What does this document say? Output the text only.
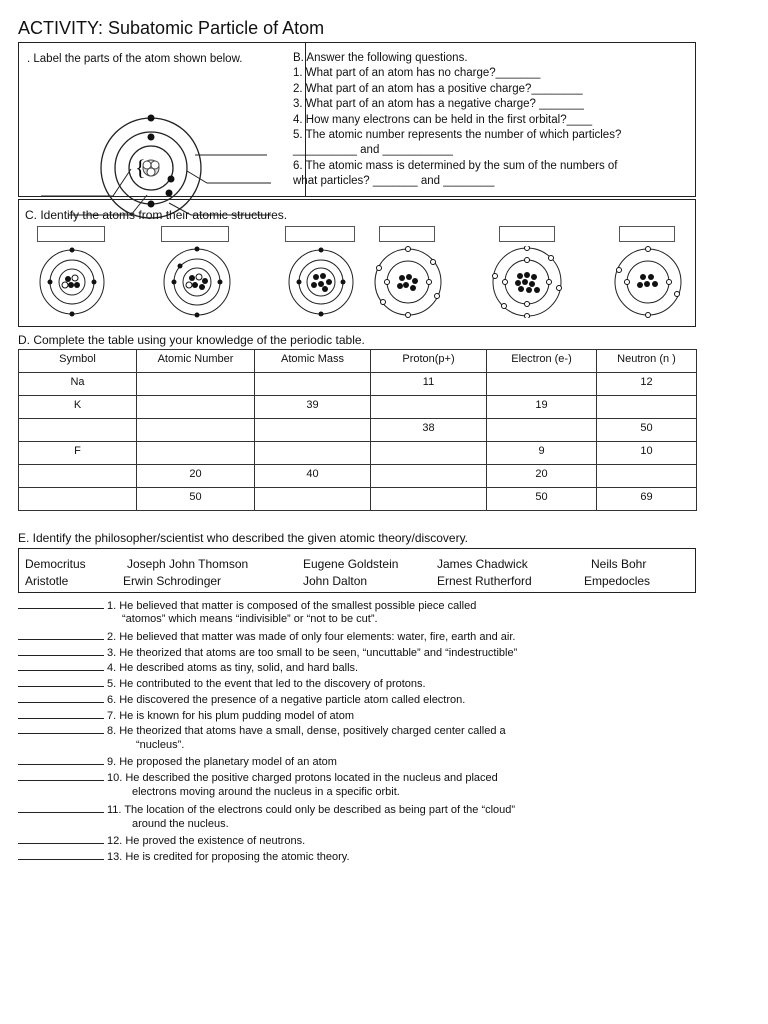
ACTIVITY: Subatomic Particle of Atom
. Label the parts of the atom shown below.
{
B. Answer the following questions.
1. What part of an atom has no charge?_______
2. What part of an atom has a positive charge?________
3. What part of an atom has a negative charge? _______
4. How many electrons can be held in the first orbital?____
5. The atomic number represents the number of which particles?
__________ and ___________
6. The atomic mass is determined by the sum of the numbers of
what particles? _______ and ________
C. Identify the atoms from their atomic structures.
D. Complete the table using your knowledge of the periodic table.
Symbol	Atomic Number	Atomic Mass	Proton(p+)	Electron (e-)	Neutron (n )
Na			11		12
K		39		19	
			38		50
F				9	10
	20	40		20	
	50			50	69
E. Identify the philosopher/scientist who described the given atomic theory/discovery.
Democritus	Joseph John Thomson	Eugene Goldstein	James Chadwick	Neils Bohr
Aristotle	Erwin Schrodinger	John Dalton	Ernest Rutherford	Empedocles
1. He believed that matter is composed of the smallest possible piece called
“atomos” which means “indivisible” or “not to be cut”.
2. He believed that matter was made of only four elements: water, fire, earth and air.
3. He theorized that atoms are too small to be seen, “uncuttable” and “indestructible”
4. He described atoms as tiny, solid, and hard balls.
5. He contributed to the event that led to the discovery of protons.
6. He discovered the presence of a negative particle atom called electron.
7. He is known for his plum pudding model of atom
8. He theorized that atoms have a small, dense, positively charged center called a
“nucleus”.
9. He proposed the planetary model of an atom
10. He described the positive charged protons located in the nucleus and placed
electrons moving around the nucleus in a specific orbit.
11. The location of the electrons could only be described as being part of the “cloud”
around the nucleus.
12. He proved the existence of neutrons.
13. He is credited for proposing the atomic theory.
